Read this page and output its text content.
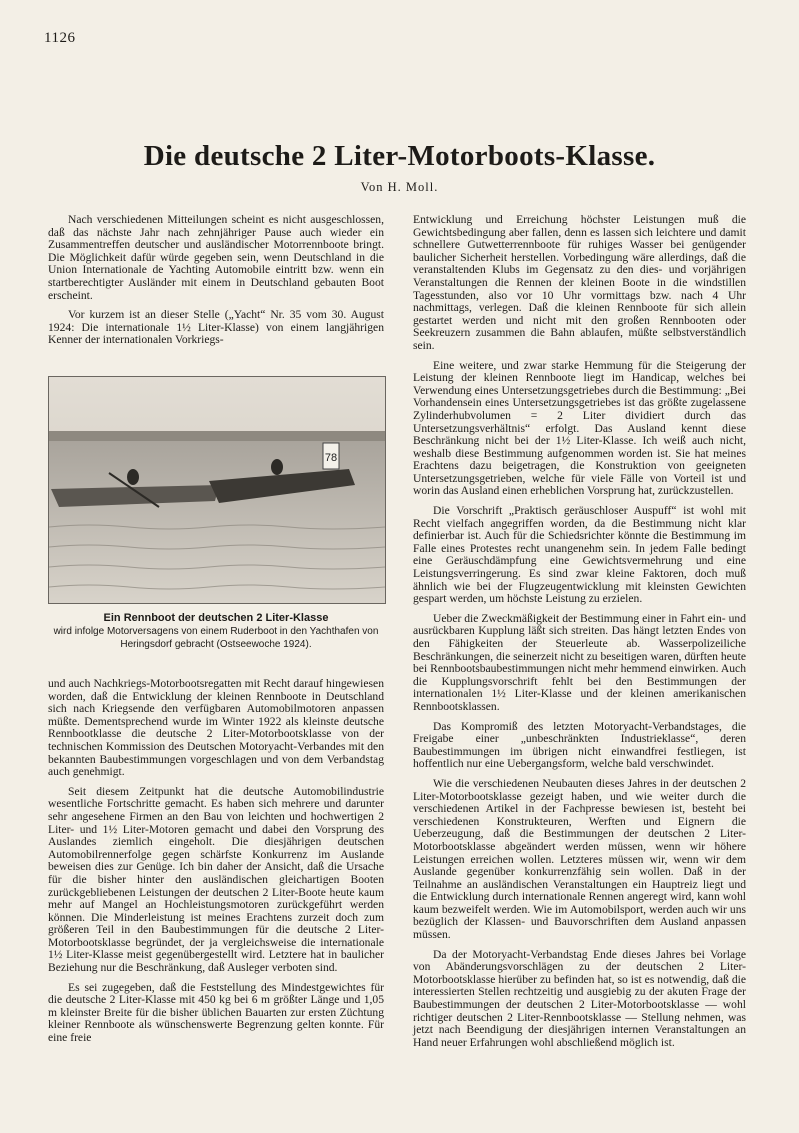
1126
Die deutsche 2 Liter-Motorboots-Klasse.
Von H. Moll.

Nach verschiedenen Mitteilungen scheint es nicht ausgeschlossen, daß das nächste Jahr nach zehnjähriger Pause auch wieder ein Zusammentreffen deutscher und ausländischer Motorrennboote bringt. Die Möglichkeit dafür würde gegeben sein, wenn Deutschland in die Union Internationale de Yachting Automobile eintritt bzw. wenn ein startberechtigter Ausländer mit einem in Deutschland gebauten Boot erscheint.

Vor kurzem ist an dieser Stelle („Yacht“ Nr. 35 vom 30. August 1924: Die internationale 1½ Liter-Klasse) von einem langjährigen Kenner der internationalen Vorkriegs-

78
Ein Rennboot der deutschen 2 Liter-Klasse
wird infolge Motorversagens von einem Ruderboot in den Yachthafen von Heringsdorf gebracht (Ostseewoche 1924).

und auch Nachkriegs-Motorbootsregatten mit Recht darauf hingewiesen worden, daß die Entwicklung der kleinen Rennboote in Deutschland sich nach Kriegsende den verfügbaren Automobilmotoren anpassen müßte. Dementsprechend wurde im Winter 1922 als kleinste deutsche Rennbootklasse die deutsche 2 Liter-Motorbootsklasse von der technischen Kommission des Deutschen Motoryacht-Verbandes mit den bekannten Baubestimmungen vorgeschlagen und von dem Verbandstag auch genehmigt.

Seit diesem Zeitpunkt hat die deutsche Automobilindustrie wesentliche Fortschritte gemacht. Es haben sich mehrere und darunter sehr angesehene Firmen an den Bau von leichten und hochwertigen 2 Liter- und 1½ Liter-Motoren gemacht und dabei den Vorsprung des Auslandes ziemlich eingeholt. Die diesjährigen deutschen Automobilrennerfolge gegen schärfste Konkurrenz im Auslande beweisen dies zur Genüge. Ich bin daher der Ansicht, daß die Ursache für die bisher hinter den ausländischen gleichartigen Booten zurückgebliebenen Leistungen der deutschen 2 Liter-Boote heute kaum mehr auf Mangel an Hochleistungsmotoren zurückgeführt werden können. Die Minderleistung ist meines Erachtens zurzeit doch zum größeren Teil in den Baubestimmungen für die deutsche 2 Liter-Motorbootsklasse begründet, der ja vergleichsweise die internationale 1½ Liter-Klasse meist gegenübergestellt wird. Letztere hat in baulicher Beziehung nur die Beschränkung, daß Ausleger verboten sind.

Es sei zugegeben, daß die Feststellung des Mindestgewichtes für die deutsche 2 Liter-Klasse mit 450 kg bei 6 m größter Länge und 1,05 m kleinster Breite für die bisher üblichen Bauarten zur ersten Züchtung kleiner Rennboote als wünschenswerte Begrenzung gelten konnte. Für eine freie

Entwicklung und Erreichung höchster Leistungen muß die Gewichtsbedingung aber fallen, denn es lassen sich leichtere und damit schnellere Gutwetterrennboote für ruhiges Wasser bei genügender baulicher Sicherheit herstellen. Vorbedingung wäre allerdings, daß die veranstaltenden Klubs im Gegensatz zu den dies- und vorjährigen Veranstaltungen die Rennen der kleinen Boote in die windstillen Tagesstunden, also vor 10 Uhr vormittags bzw. nach 4 Uhr nachmittags, verlegen. Daß die kleinen Rennboote für sich allein gestartet werden und nicht mit den großen Rennbooten oder Seekreuzern zusammen die Bahn ablaufen, müßte selbstverständlich sein.

Eine weitere, und zwar starke Hemmung für die Steigerung der Leistung der kleinen Rennboote liegt im Handicap, welches bei Verwendung eines Untersetzungsgetriebes durch die Bestimmung: „Bei Vorhandensein eines Untersetzungsgetriebes ist das größte zugelassene Zylinderhubvolumen = 2 Liter dividiert durch das Untersetzungsverhältnis“ erfolgt. Das Ausland kennt diese Beschränkung nicht bei der 1½ Liter-Klasse. Ich weiß auch nicht, weshalb diese Bestimmung aufgenommen worden ist. Sie hat meines Erachtens dazu beigetragen, die Konstruktion von geeigneten Untersetzungsgetrieben, welche für viele Fälle von Vorteil ist und worin das Ausland einen erheblichen Vorsprung hat, zurückzustellen.

Die Vorschrift „Praktisch geräuschloser Auspuff“ ist wohl mit Recht vielfach angegriffen worden, da die Bestimmung nicht klar definierbar ist. Auch für die Schiedsrichter könnte die Bestimmung im Falle eines Protestes recht unangenehm sein. In jedem Falle bedingt eine Geräuschdämpfung eine Gewichtsvermehrung und eine Leistungsverringerung. Es sind zwar kleine Faktoren, doch muß ähnlich wie bei der Flugzeugentwicklung mit kleinsten Gewichten gespart werden, um höchste Leistung zu erzielen.

Ueber die Zweckmäßigkeit der Bestimmung einer in Fahrt ein- und ausrückbaren Kupplung läßt sich streiten. Das hängt letzten Endes von den Fähigkeiten der Steuerleute ab. Wasserpolizeiliche Beschränkungen, die seinerzeit nicht zu beseitigen waren, dürften heute bei Rennbootsbaubestimmungen nicht mehr hemmend einwirken. Auch die Kupplungsvorschrift fehlt bei den Bestimmungen der internationalen 1½ Liter-Klasse und der kleinen amerikanischen Rennbootsklassen.

Das Kompromiß des letzten Motoryacht-Verbandstages, die Freigabe einer „unbeschränkten Industrieklasse“, deren Baubestimmungen im übrigen nicht einwandfrei festliegen, ist hoffentlich nur eine Uebergangsform, welche bald verschwindet.

Wie die verschiedenen Neubauten dieses Jahres in der deutschen 2 Liter-Motorbootsklasse gezeigt haben, und wie weiter durch die verschiedenen Artikel in der Fachpresse bewiesen ist, besteht bei verschiedenen Konstrukteuren, Werften und Eignern die Ueberzeugung, daß die Bestimmungen der deutschen 2 Liter-Motorbootsklasse abgeändert werden müssen, wenn wir höhere Leistungen erreichen wollen. Letzteres müssen wir, wenn wir dem Auslande gegenüber konkurrenzfähig sein wollen. Daß in der Teilnahme an ausländischen Veranstaltungen ein Hauptreiz liegt und die Entwicklung durch internationale Rennen angeregt wird, kann wohl kaum bezweifelt werden. Wie im Automobilsport, werden auch wir uns bezüglich der Klassen- und Bauvorschriften dem Ausland anpassen müssen.

Da der Motoryacht-Verbandstag Ende dieses Jahres bei Vorlage von Abänderungsvorschlägen zu der deutschen 2 Liter-Motorbootsklasse hierüber zu befinden hat, so ist es notwendig, daß die interessierten Stellen rechtzeitig und ausgiebig zu der akuten Frage der Baubestimmungen der deutschen 2 Liter-Motorbootsklasse — wohl richtiger deutschen 2 Liter-Rennbootsklasse — Stellung nehmen, was jetzt nach Beendigung der diesjährigen internen Veranstaltungen an Hand neuer Erfahrungen wohl abschließend möglich ist.
